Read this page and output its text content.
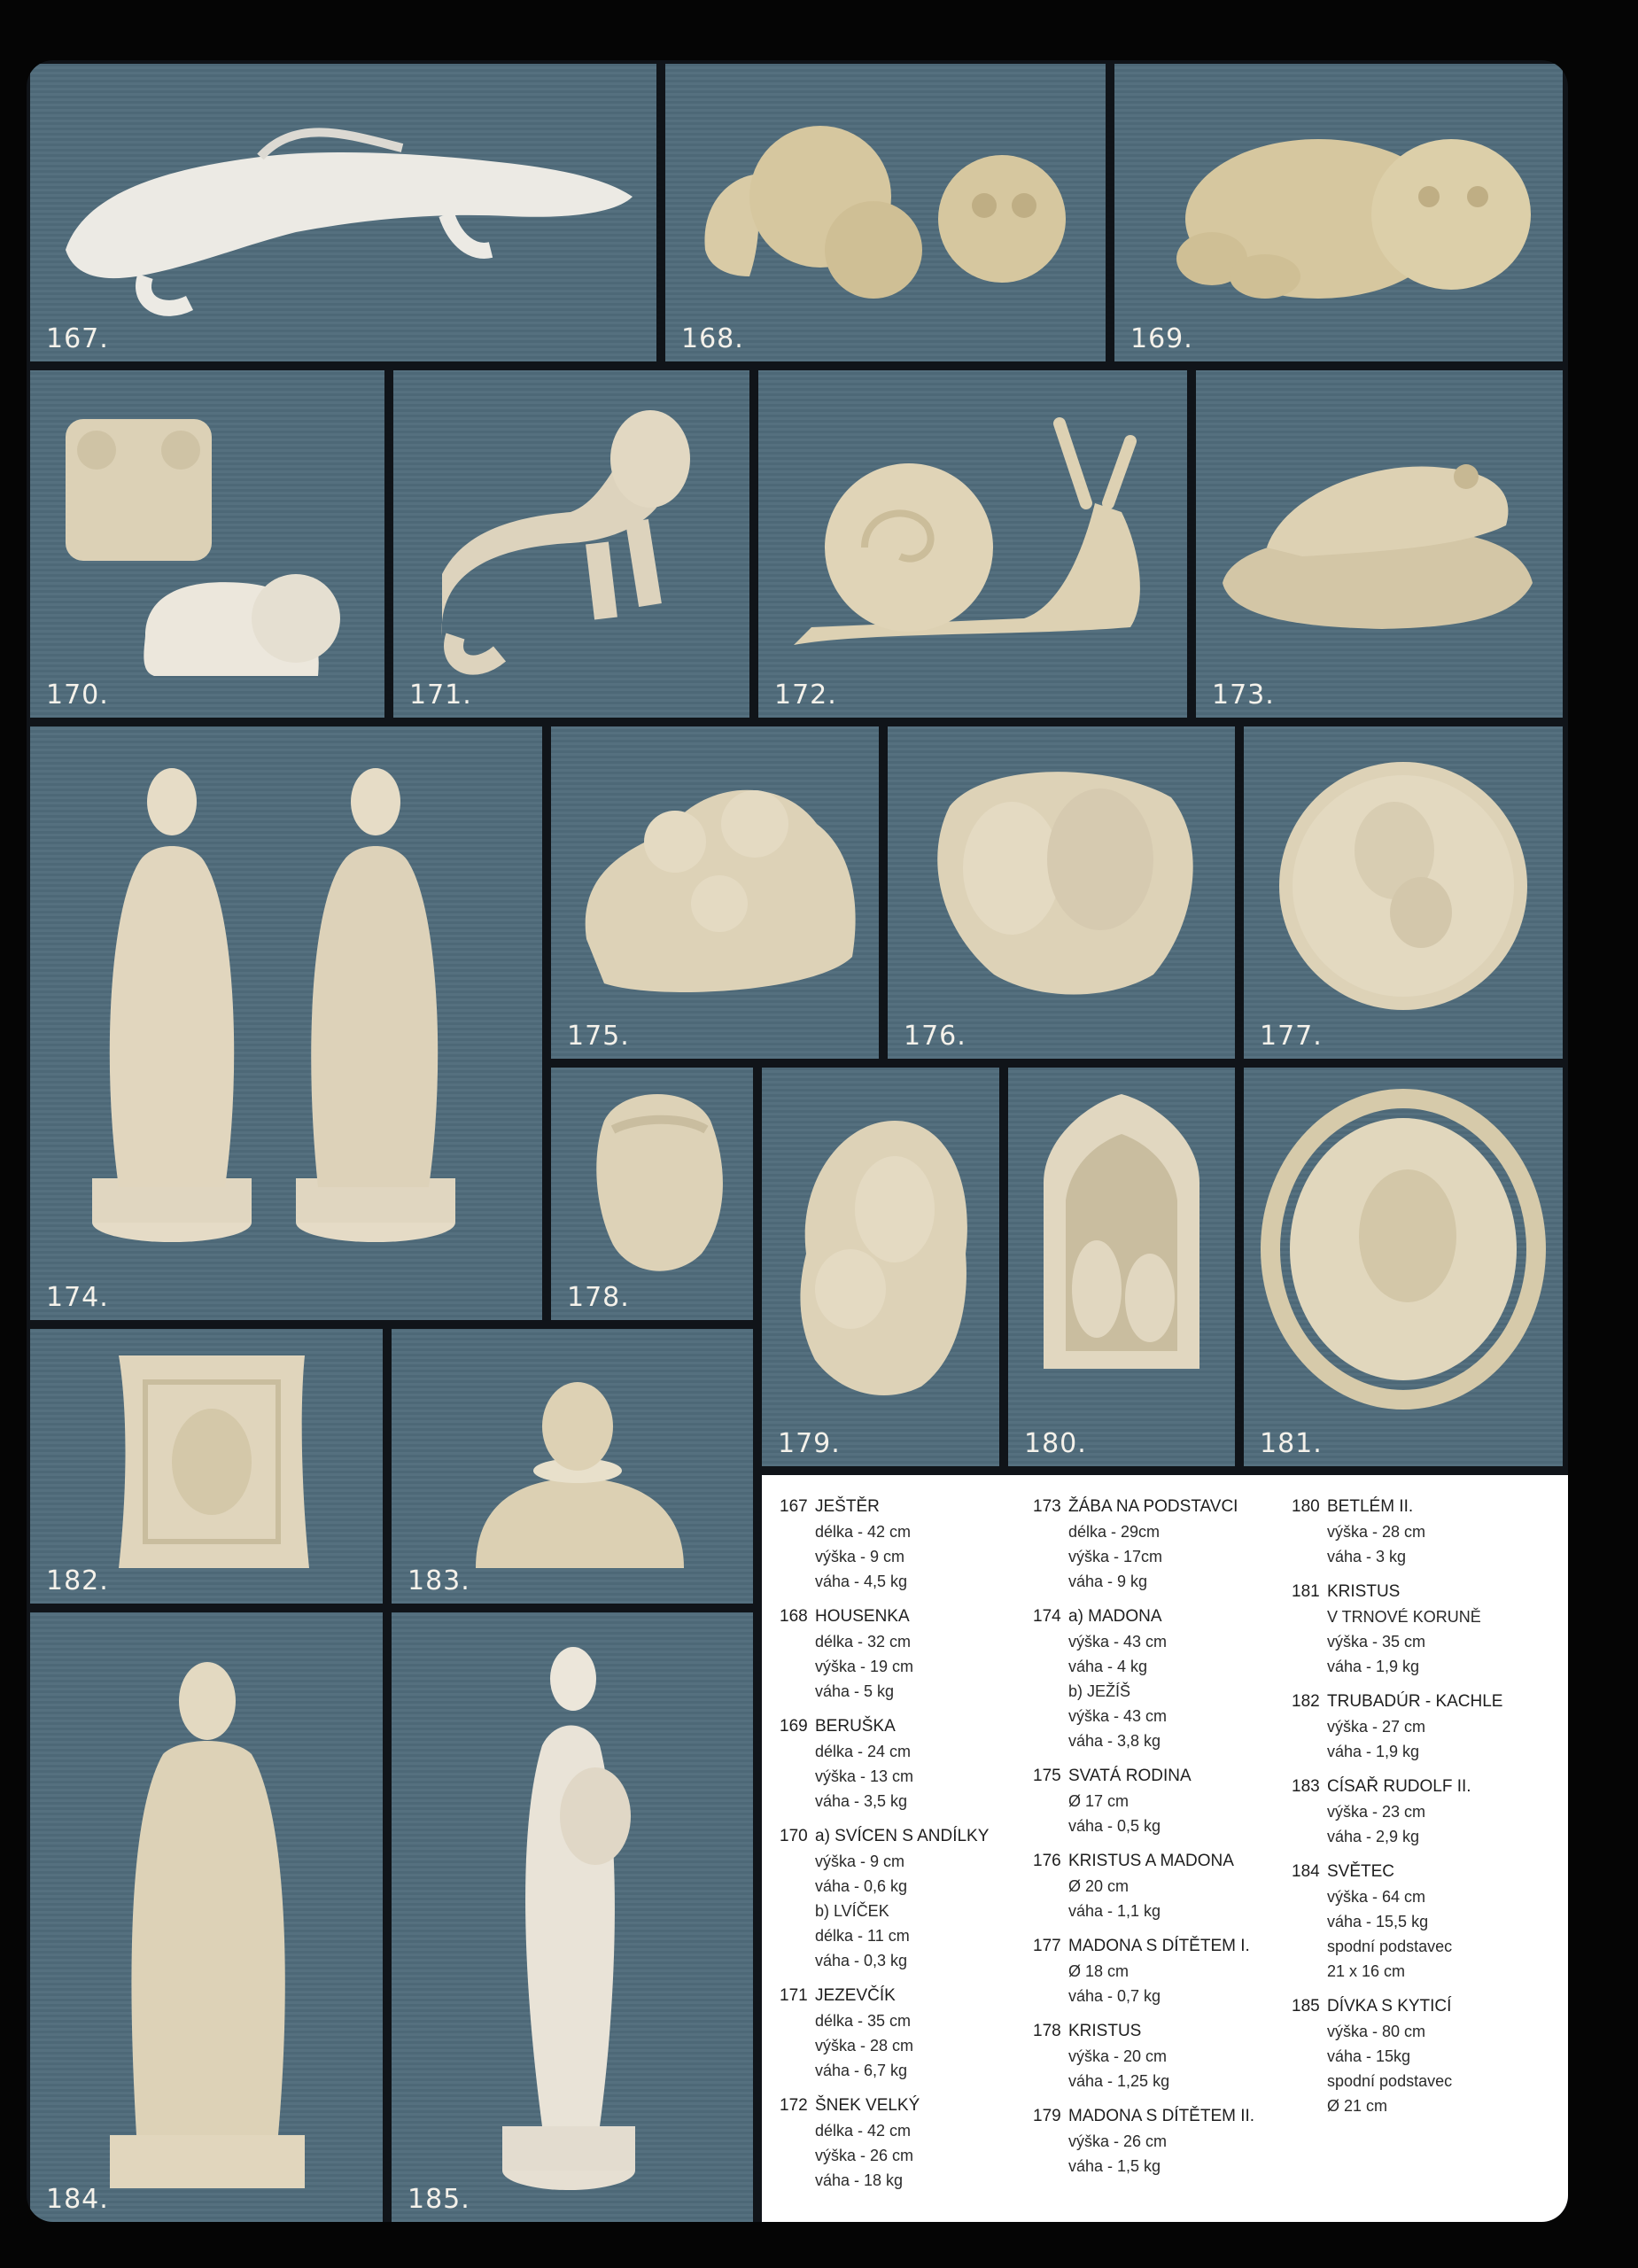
167.	168.	169.
170.	171.	172.	173.
174.
175.	176.	177.
178.
179.	180.	181.
182.	183.
184.	185.
167 JEŠTĚR
délka - 42 cm
výška - 9 cm
váha - 4,5 kg
168 HOUSENKA
délka - 32 cm
výška - 19 cm
váha - 5 kg
169 BERUŠKA
délka - 24 cm
výška - 13 cm
váha - 3,5 kg
170 a) SVÍCEN S ANDÍLKY
výška - 9 cm
váha - 0,6 kg
b) LVÍČEK
délka - 11 cm
váha - 0,3 kg
171 JEZEVČÍK
délka - 35 cm
výška - 28 cm
váha - 6,7 kg
172 ŠNEK VELKÝ
délka - 42 cm
výška - 26 cm
váha - 18 kg
173 ŽÁBA NA PODSTAVCI
délka - 29cm
výška - 17cm
váha - 9 kg
174 a) MADONA
výška - 43 cm
váha - 4 kg
b) JEŽÍŠ
výška - 43 cm
váha - 3,8 kg
175 SVATÁ RODINA
Ø 17 cm
váha - 0,5 kg
176 KRISTUS A MADONA
Ø 20 cm
váha - 1,1 kg
177 MADONA S DÍTĚTEM I.
Ø 18 cm
váha - 0,7 kg
178 KRISTUS
výška - 20 cm
váha - 1,25 kg
179 MADONA S DÍTĚTEM II.
výška - 26 cm
váha - 1,5 kg
180 BETLÉM II.
výška - 28 cm
váha - 3 kg
181 KRISTUS
V TRNOVÉ KORUNĚ
výška - 35 cm
váha - 1,9 kg
182 TRUBADÚR - KACHLE
výška - 27 cm
váha - 1,9 kg
183 CÍSAŘ RUDOLF II.
výška - 23 cm
váha - 2,9 kg
184 SVĚTEC
výška - 64 cm
váha - 15,5 kg
spodní podstavec
21 x 16 cm
185 DÍVKA S KYTICÍ
výška - 80 cm
váha - 15kg
spodní podstavec
Ø 21 cm
